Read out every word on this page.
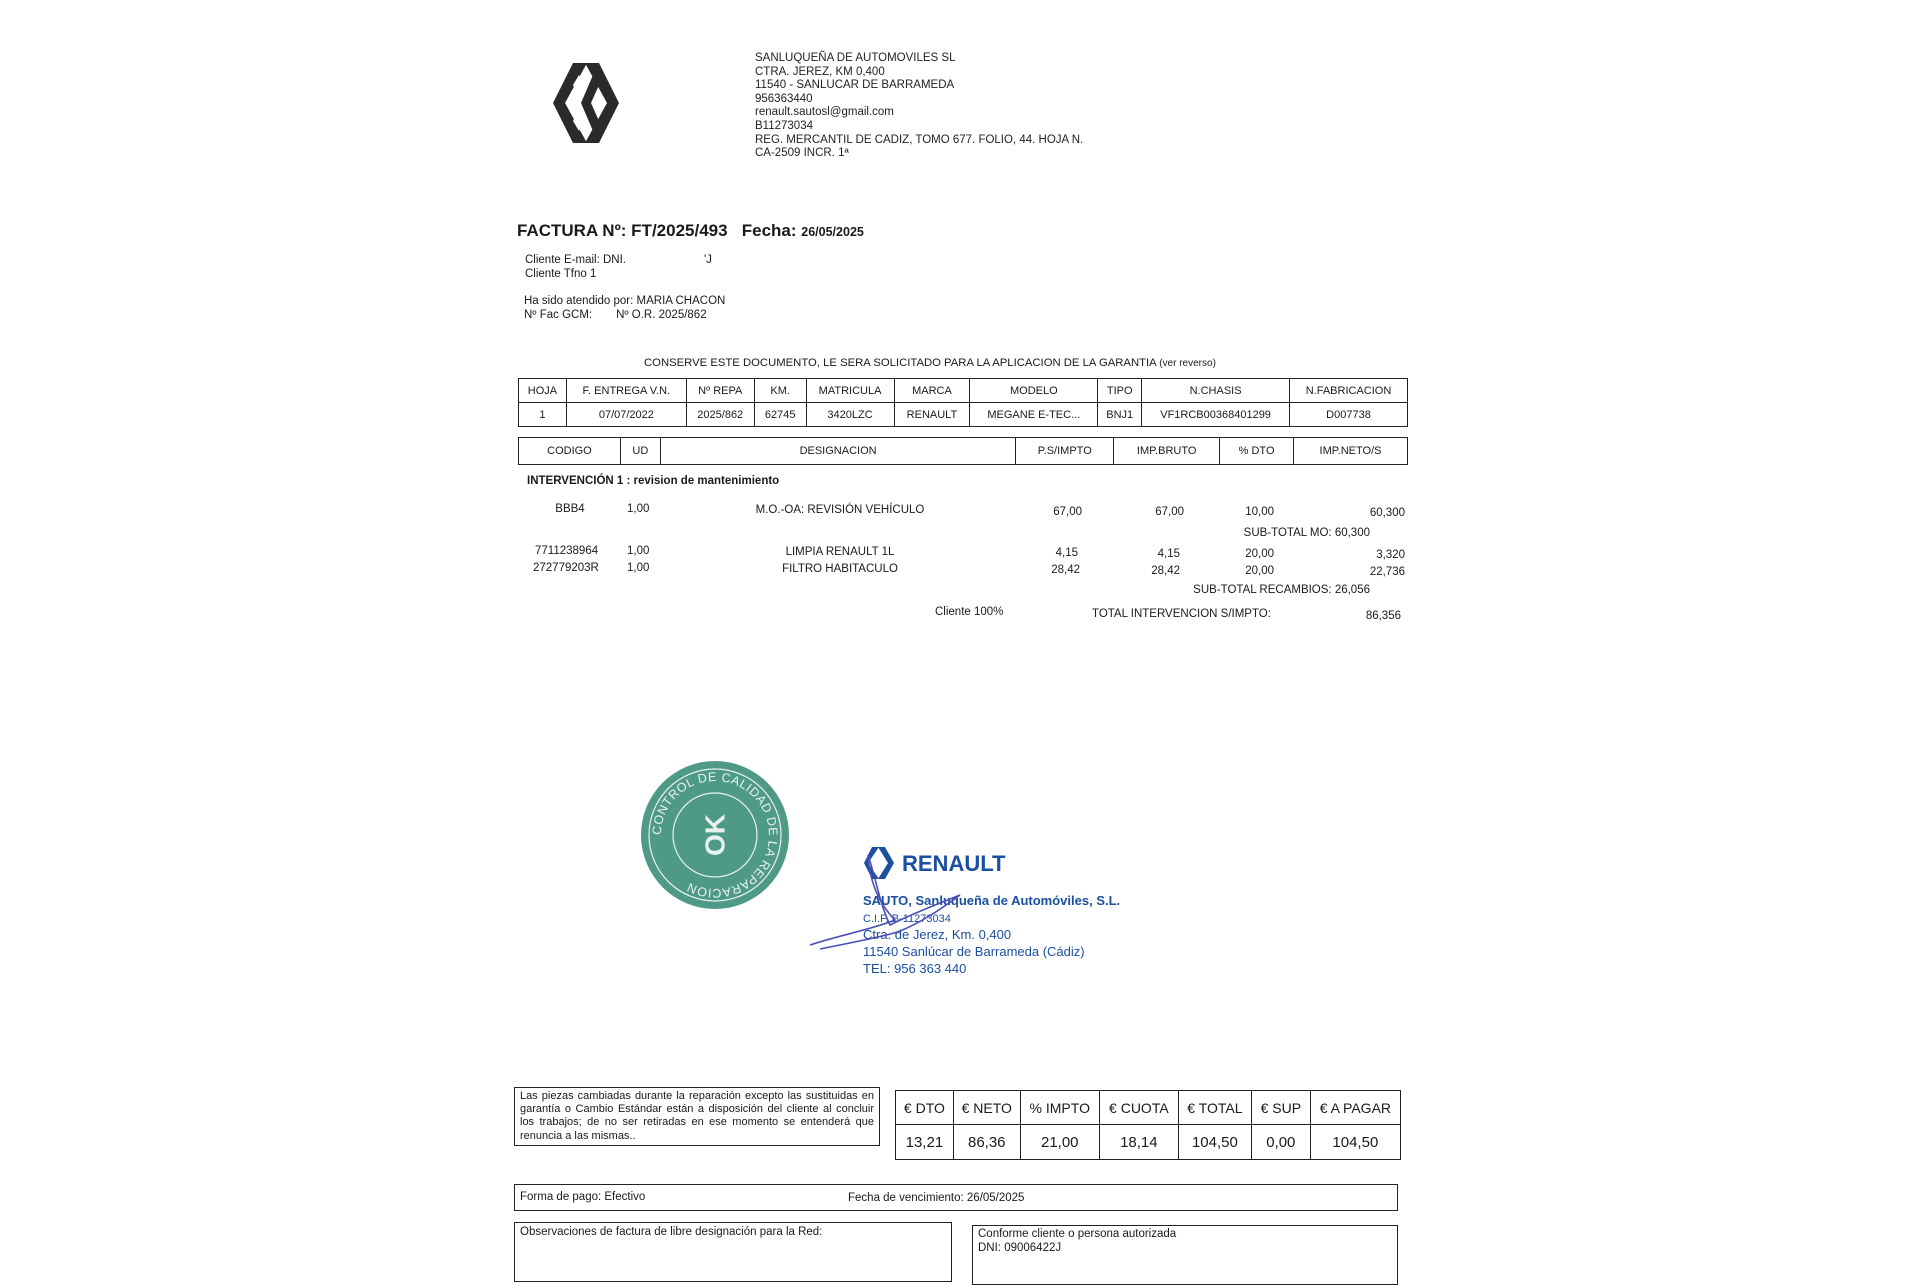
SANLUQUEÑA DE AUTOMOVILES SL
CTRA. JEREZ, KM 0,400
11540 - SANLUCAR DE BARRAMEDA
956363440
renault.sautosl@gmail.com
B11273034
REG. MERCANTIL DE CADIZ, TOMO 677. FOLIO, 44. HOJA N.
CA-2509 INCR. 1ª
FACTURA Nº: FT/2025/493 Fecha: 26/05/2025
Cliente E-mail: DNI.	'J
Cliente Tfno 1
Ha sido atendido por: MARIA CHACON
Nº Fac GCM: Nº O.R. 2025/862
CONSERVE ESTE DOCUMENTO, LE SERA SOLICITADO PARA LA APLICACION DE LA GARANTIA (ver reverso)
HOJA	F. ENTREGA V.N.	Nº REPA	KM.	MATRICULA	MARCA	MODELO	TIPO	N.CHASIS	N.FABRICACION
1	07/07/2022	2025/862	62745	3420LZC	RENAULT	MEGANE E-TEC...	BNJ1	VF1RCB00368401299	D007738
CODIGO	UD	DESIGNACION	P.S/IMPTO	IMP.BRUTO	% DTO	IMP.NETO/S
INTERVENCIÓN 1 : revision de mantenimiento
BBB4	1,00	M.O.-OA: REVISIÓN VEHÍCULO	67,00	67,00	10,00	60,300
SUB-TOTAL MO: 60,300
7711238964	1,00	LIMPIA RENAULT 1L	4,15	4,15	20,00	3,320
272779203R 1,00	FILTRO HABITACULO	28,42	28,42	20,00	22,736
SUB-TOTAL RECAMBIOS: 26,056
Cliente 100%	TOTAL INTERVENCION S/IMPTO:	86,356
CONTROL DE CALIDAD DE LA REPARACION
OK
RENAULT
SAUTO, Sanluqueña de Automóviles, S.L.
C.I.F. B-11273034
Ctra. de Jerez, Km. 0,400
11540 Sanlúcar de Barrameda (Cádiz)
TEL: 956 363 440
Las piezas cambiadas durante la reparación excepto las sustituidas en garantía o Cambio Estándar están a disposición del cliente al concluir los trabajos; de no ser retiradas en ese momento se entenderá que renuncia a las mismas..
€ DTO	€ NETO	% IMPTO	€ CUOTA	€ TOTAL	€ SUP	€ A PAGAR
13,21	86,36	21,00	18,14	104,50	0,00	104,50
Forma de pago: Efectivo	Fecha de vencimiento: 26/05/2025
Observaciones de factura de libre designación para la Red:	Conforme cliente o persona autorizada
DNI: 09006422J
